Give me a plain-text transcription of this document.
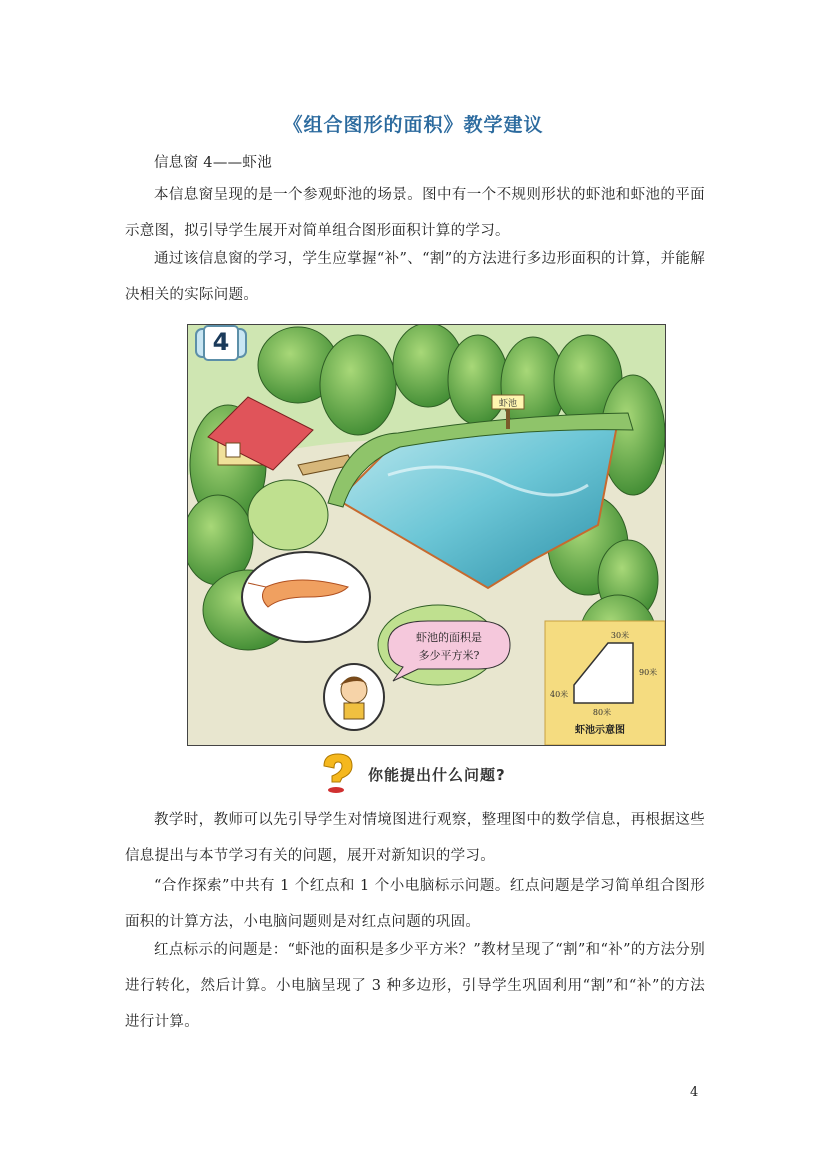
《组合图形的面积》教学建议
信息窗 4——虾池
本信息窗呈现的是一个参观虾池的场景。图中有一个不规则形状的虾池和虾池的平面示意图，拟引导学生展开对简单组合图形面积计算的学习。
通过该信息窗的学习，学生应掌握“补”、“割”的方法进行多边形面积的计算，并能解决相关的实际问题。
虾池
虾池的面积是
多少平方米?
30米
90米
40米
80米
虾池示意图
4
你能提出什么问题?
教学时，教师可以先引导学生对情境图进行观察，整理图中的数学信息，再根据这些信息提出与本节学习有关的问题，展开对新知识的学习。
“合作探索”中共有 1 个红点和 1 个小电脑标示问题。红点问题是学习简单组合图形面积的计算方法，小电脑问题则是对红点问题的巩固。
红点标示的问题是：“虾池的面积是多少平方米？”教材呈现了“割”和“补”的方法分别进行转化，然后计算。小电脑呈现了 3 种多边形，引导学生巩固利用“割”和“补”的方法进行计算。
4
